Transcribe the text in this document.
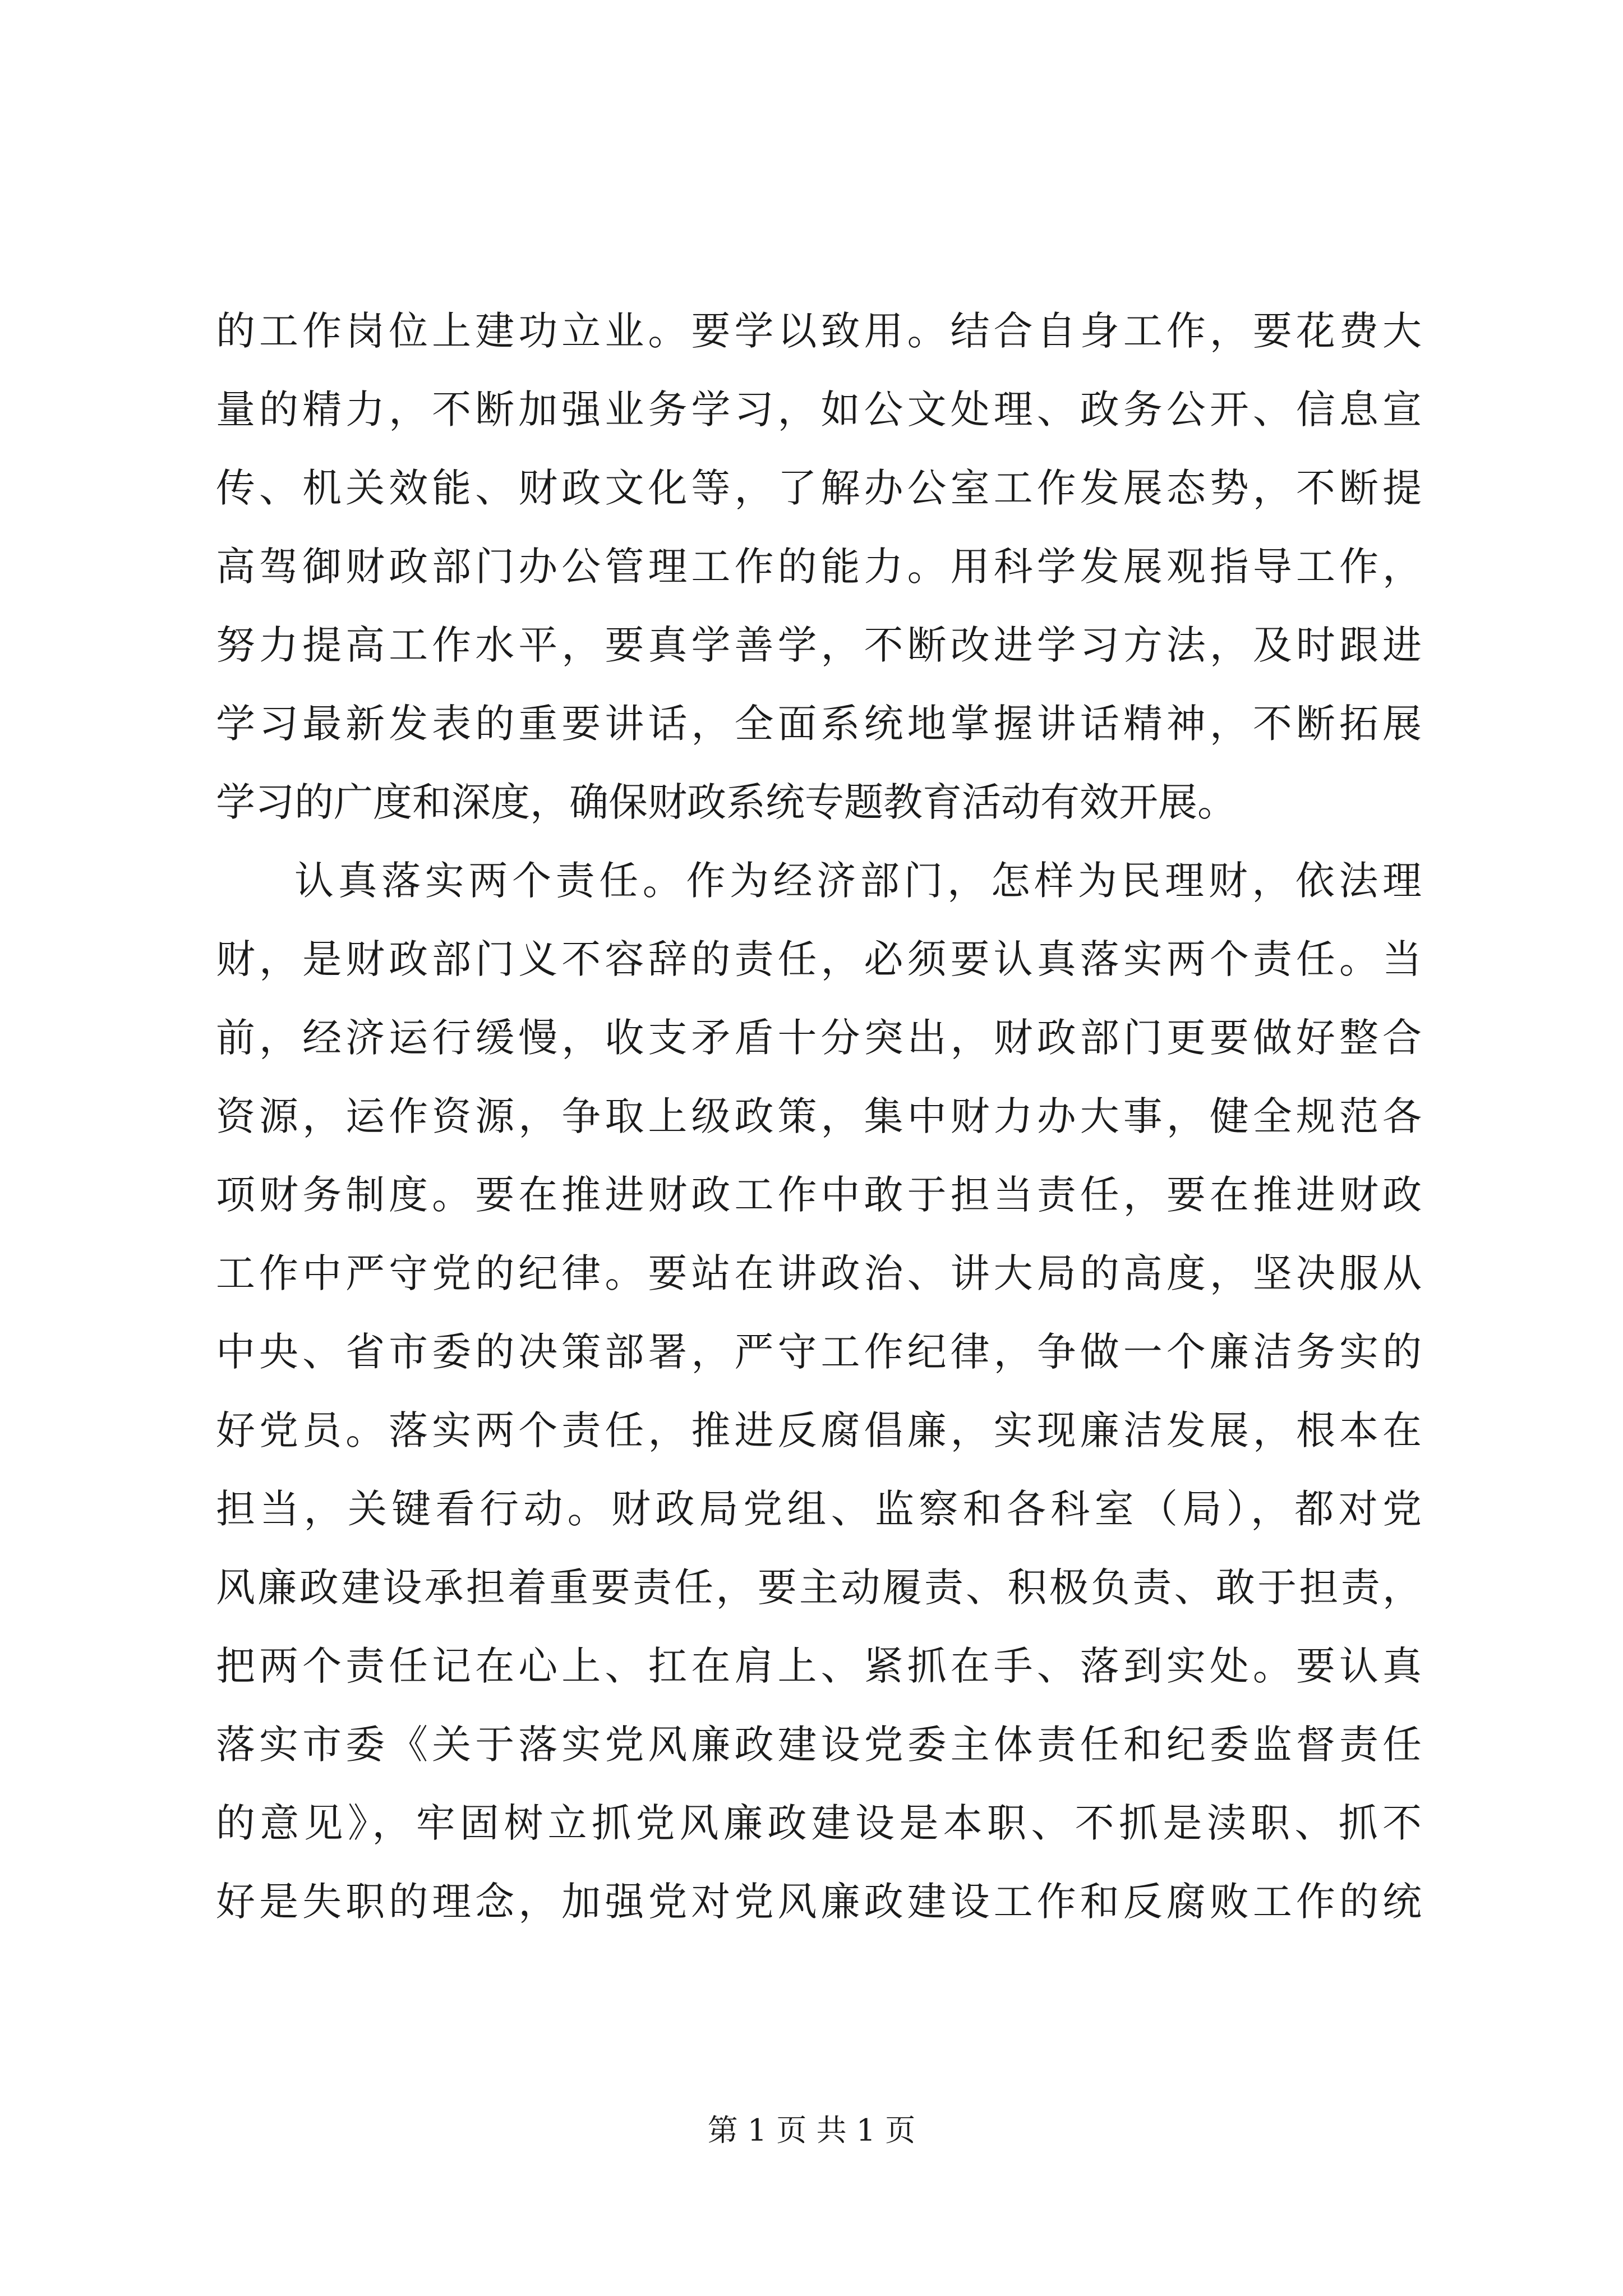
的工作岗位上建功立业。要学以致用。结合自身工作，要花费大
量的精力，不断加强业务学习，如公文处理、政务公开、信息宣
传、机关效能、财政文化等，了解办公室工作发展态势，不断提
高驾御财政部门办公管理工作的能力。用科学发展观指导工作，
努力提高工作水平，要真学善学，不断改进学习方法，及时跟进
学习最新发表的重要讲话，全面系统地掌握讲话精神，不断拓展
学习的广度和深度，确保财政系统专题教育活动有效开展。
认真落实两个责任。作为经济部门，怎样为民理财，依法理
财，是财政部门义不容辞的责任，必须要认真落实两个责任。当
前，经济运行缓慢，收支矛盾十分突出，财政部门更要做好整合
资源，运作资源，争取上级政策，集中财力办大事，健全规范各
项财务制度。要在推进财政工作中敢于担当责任，要在推进财政
工作中严守党的纪律。要站在讲政治、讲大局的高度，坚决服从
中央、省市委的决策部署，严守工作纪律，争做一个廉洁务实的
好党员。落实两个责任，推进反腐倡廉，实现廉洁发展，根本在
担当，关键看行动。财政局党组、监察和各科室（局），都对党
风廉政建设承担着重要责任，要主动履责、积极负责、敢于担责，
把两个责任记在心上、扛在肩上、紧抓在手、落到实处。要认真
落实市委《关于落实党风廉政建设党委主体责任和纪委监督责任
的意见》，牢固树立抓党风廉政建设是本职、不抓是渎职、抓不
好是失职的理念，加强党对党风廉政建设工作和反腐败工作的统
第 1 页 共 1 页
